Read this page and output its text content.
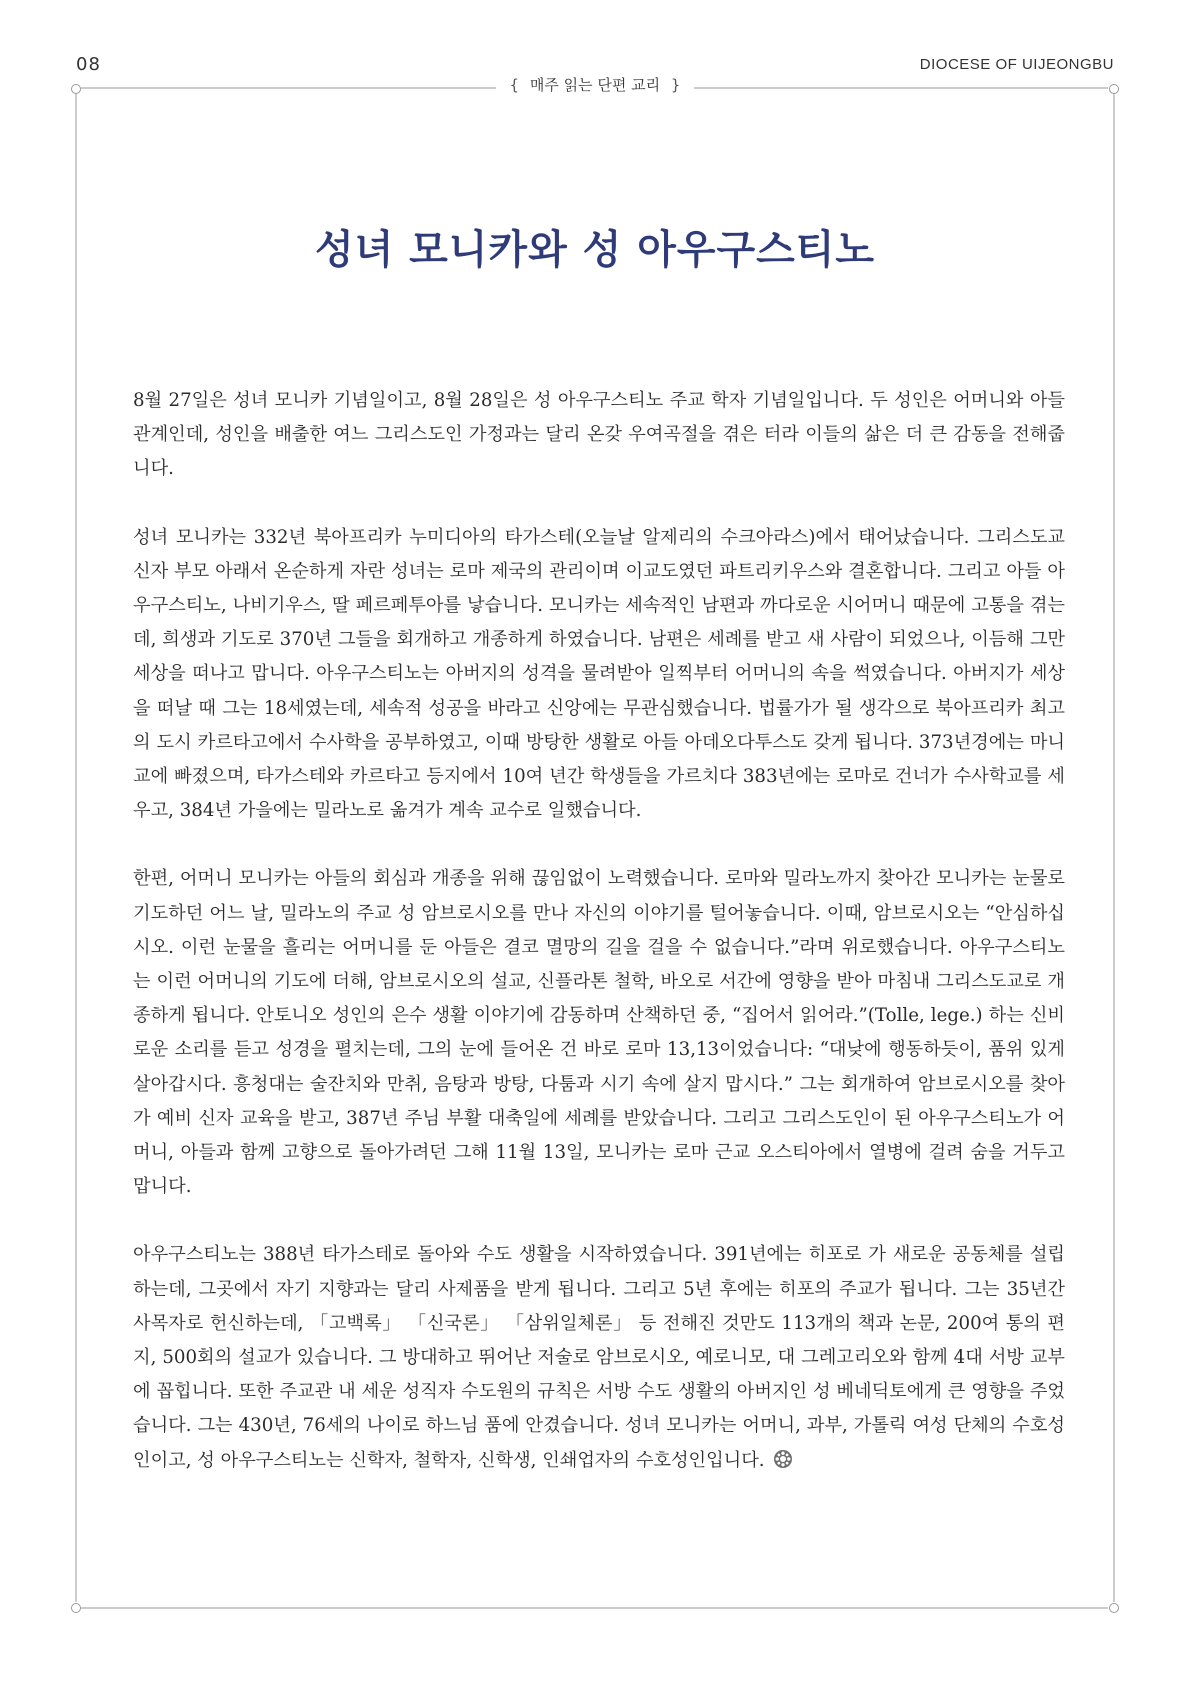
08	DIOCESE OF UIJEONGBU
{ 매주 읽는 단편 교리 }
성녀 모니카와 성 아우구스티노

8월 27일은 성녀 모니카 기념일이고, 8월 28일은 성 아우구스티노 주교 학자 기념일입니다. 두 성인은 어머니와 아들 관계인데, 성인을 배출한 여느 그리스도인 가정과는 달리 온갖 우여곡절을 겪은 터라 이들의 삶은 더 큰 감동을 전해줍니다.

성녀 모니카는 332년 북아프리카 누미디아의 타가스테(오늘날 알제리의 수크아라스)에서 태어났습니다. 그리스도교 신자 부모 아래서 온순하게 자란 성녀는 로마 제국의 관리이며 이교도였던 파트리키우스와 결혼합니다. 그리고 아들 아우구스티노, 나비기우스, 딸 페르페투아를 낳습니다. 모니카는 세속적인 남편과 까다로운 시어머니 때문에 고통을 겪는데, 희생과 기도로 370년 그들을 회개하고 개종하게 하였습니다. 남편은 세례를 받고 새 사람이 되었으나, 이듬해 그만 세상을 떠나고 맙니다. 아우구스티노는 아버지의 성격을 물려받아 일찍부터 어머니의 속을 썩였습니다. 아버지가 세상을 떠날 때 그는 18세였는데, 세속적 성공을 바라고 신앙에는 무관심했습니다. 법률가가 될 생각으로 북아프리카 최고의 도시 카르타고에서 수사학을 공부하였고, 이때 방탕한 생활로 아들 아데오다투스도 갖게 됩니다. 373년경에는 마니교에 빠졌으며, 타가스테와 카르타고 등지에서 10여 년간 학생들을 가르치다 383년에는 로마로 건너가 수사학교를 세우고, 384년 가을에는 밀라노로 옮겨가 계속 교수로 일했습니다.

한편, 어머니 모니카는 아들의 회심과 개종을 위해 끊임없이 노력했습니다. 로마와 밀라노까지 찾아간 모니카는 눈물로 기도하던 어느 날, 밀라노의 주교 성 암브로시오를 만나 자신의 이야기를 털어놓습니다. 이때, 암브로시오는 “안심하십시오. 이런 눈물을 흘리는 어머니를 둔 아들은 결코 멸망의 길을 걸을 수 없습니다.”라며 위로했습니다. 아우구스티노는 이런 어머니의 기도에 더해, 암브로시오의 설교, 신플라톤 철학, 바오로 서간에 영향을 받아 마침내 그리스도교로 개종하게 됩니다. 안토니오 성인의 은수 생활 이야기에 감동하며 산책하던 중, “집어서 읽어라.”(Tolle, lege.) 하는 신비로운 소리를 듣고 성경을 펼치는데, 그의 눈에 들어온 건 바로 로마 13,13이었습니다: “대낮에 행동하듯이, 품위 있게 살아갑시다. 흥청대는 술잔치와 만취, 음탕과 방탕, 다툼과 시기 속에 살지 맙시다.” 그는 회개하여 암브로시오를 찾아가 예비 신자 교육을 받고, 387년 주님 부활 대축일에 세례를 받았습니다. 그리고 그리스도인이 된 아우구스티노가 어머니, 아들과 함께 고향으로 돌아가려던 그해 11월 13일, 모니카는 로마 근교 오스티아에서 열병에 걸려 숨을 거두고 맙니다.

아우구스티노는 388년 타가스테로 돌아와 수도 생활을 시작하였습니다. 391년에는 히포로 가 새로운 공동체를 설립하는데, 그곳에서 자기 지향과는 달리 사제품을 받게 됩니다. 그리고 5년 후에는 히포의 주교가 됩니다. 그는 35년간 사목자로 헌신하는데, 「고백록」 「신국론」 「삼위일체론」 등 전해진 것만도 113개의 책과 논문, 200여 통의 편지, 500회의 설교가 있습니다. 그 방대하고 뛰어난 저술로 암브로시오, 예로니모, 대 그레고리오와 함께 4대 서방 교부에 꼽힙니다. 또한 주교관 내 세운 성직자 수도원의 규칙은 서방 수도 생활의 아버지인 성 베네딕토에게 큰 영향을 주었습니다. 그는 430년, 76세의 나이로 하느님 품에 안겼습니다. 성녀 모니카는 어머니, 과부, 가톨릭 여성 단체의 수호성인이고, 성 아우구스티노는 신학자, 철학자, 신학생, 인쇄업자의 수호성인입니다.
